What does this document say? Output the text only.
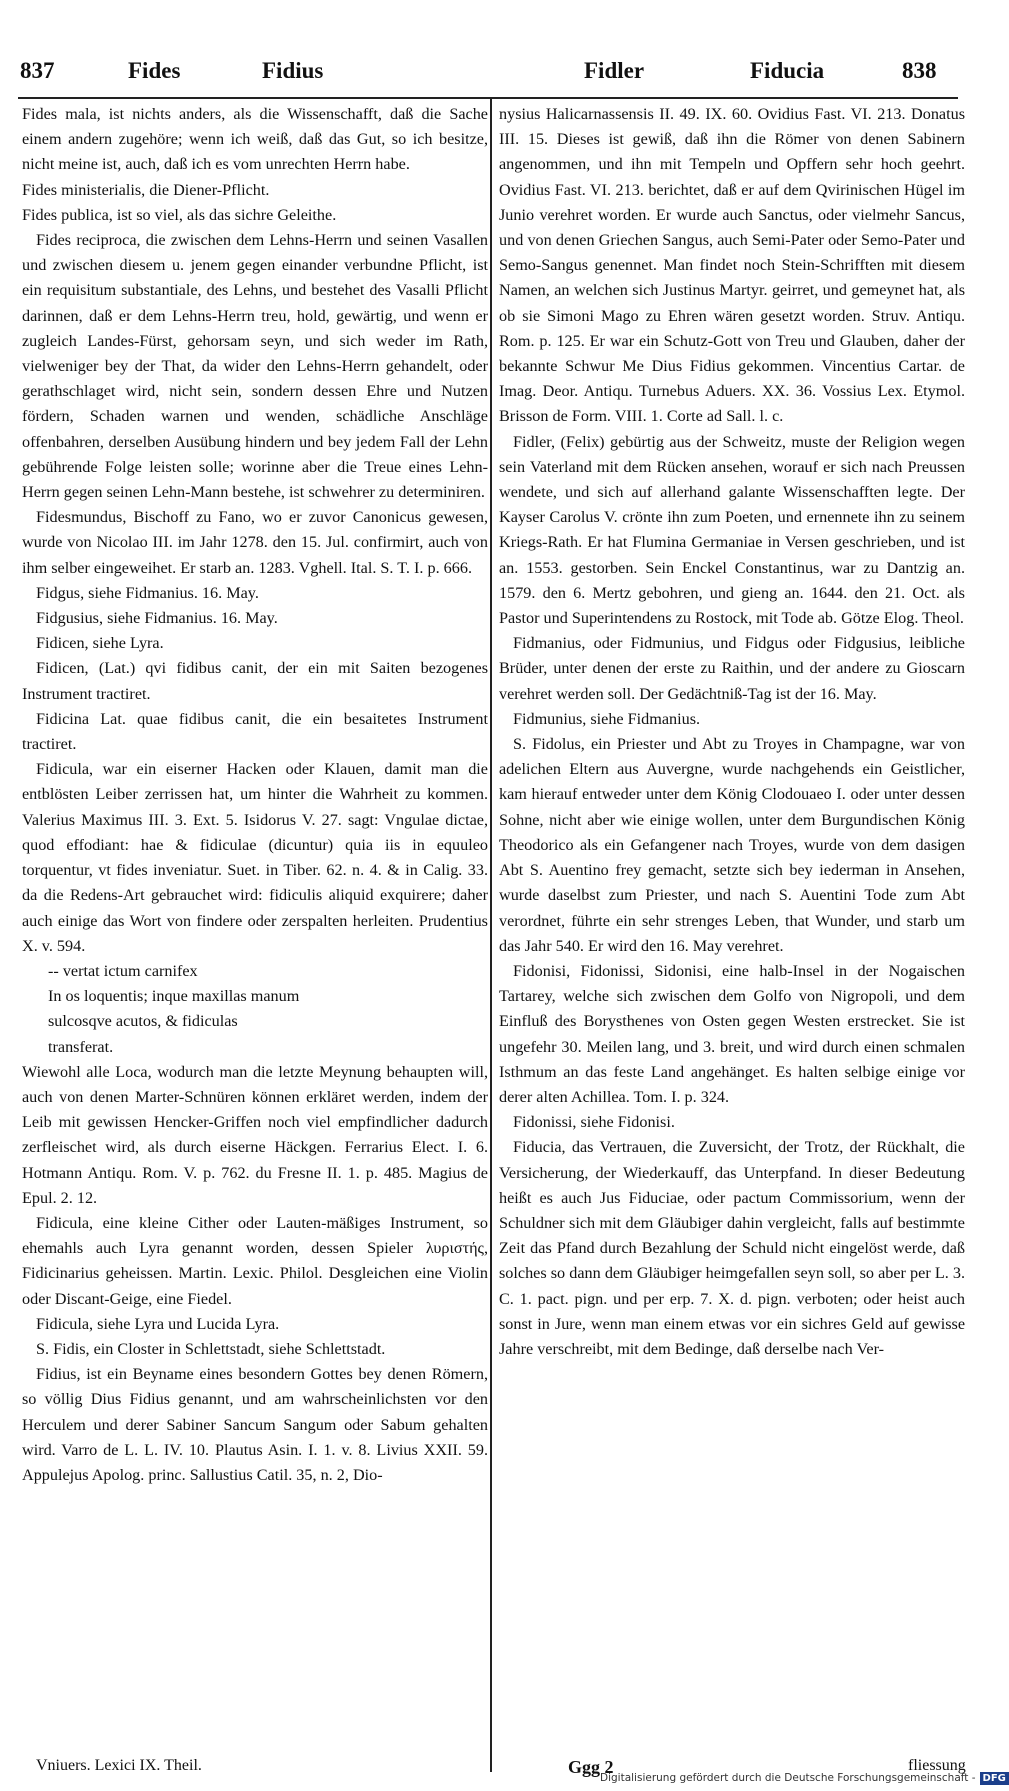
837	Fides	Fidius	Fidler	Fiducia	838

Fides mala, ist nichts anders, als die Wissenschafft, daß die Sache einem andern zugehöre; wenn ich weiß, daß das Gut, so ich besitze, nicht meine ist, auch, daß ich es vom unrechten Herrn habe.

Fides ministerialis, die Diener-Pflicht.

Fides publica, ist so viel, als das sichre Geleithe.

Fides reciproca, die zwischen dem Lehns-Herrn und seinen Vasallen und zwischen diesem u. jenem gegen einander verbundne Pflicht, ist ein requisitum substantiale, des Lehns, und bestehet des Vasalli Pflicht darinnen, daß er dem Lehns-Herrn treu, hold, gewärtig, und wenn er zugleich Landes-Fürst, gehorsam seyn, und sich weder im Rath, vielweniger bey der That, da wider den Lehns-Herrn gehandelt, oder gerathschlaget wird, nicht sein, sondern dessen Ehre und Nutzen fördern, Schaden warnen und wenden, schädliche Anschläge offenbahren, derselben Ausübung hindern und bey jedem Fall der Lehn gebührende Folge leisten solle; worinne aber die Treue eines Lehn-Herrn gegen seinen Lehn-Mann bestehe, ist schwehrer zu determiniren.

Fidesmundus, Bischoff zu Fano, wo er zuvor Canonicus gewesen, wurde von Nicolao III. im Jahr 1278. den 15. Jul. confirmirt, auch von ihm selber eingeweihet. Er starb an. 1283. Vghell. Ital. S. T. I. p. 666.

Fidgus, siehe Fidmanius. 16. May.

Fidgusius, siehe Fidmanius. 16. May.

Fidicen, siehe Lyra.

Fidicen, (Lat.) qvi fidibus canit, der ein mit Saiten bezogenes Instrument tractiret.

Fidicina Lat. quae fidibus canit, die ein besaitetes Instrument tractiret.

Fidicula, war ein eiserner Hacken oder Klauen, damit man die entblösten Leiber zerrissen hat, um hinter die Wahrheit zu kommen. Valerius Maximus III. 3. Ext. 5. Isidorus V. 27. sagt: Vngulae dictae, quod effodiant: hae & fidiculae (dicuntur) quia iis in equuleo torquentur, vt fides inveniatur. Suet. in Tiber. 62. n. 4. & in Calig. 33. da die Redens-Art gebrauchet wird: fidiculis aliquid exquirere; daher auch einige das Wort von findere oder zerspalten herleiten. Prudentius X. v. 594.

-- vertat ictum carnifex

In os loquentis; inque maxillas manum

sulcosqve acutos, & fidiculas

transferat.

Wiewohl alle Loca, wodurch man die letzte Meynung behaupten will, auch von denen Marter-Schnüren können erkläret werden, indem der Leib mit gewissen Hencker-Griffen noch viel empfindlicher dadurch zerfleischet wird, als durch eiserne Häckgen. Ferrarius Elect. I. 6. Hotmann Antiqu. Rom. V. p. 762. du Fresne II. 1. p. 485. Magius de Epul. 2. 12.

Fidicula, eine kleine Cither oder Lauten-mäßiges Instrument, so ehemahls auch Lyra genannt worden, dessen Spieler λυριστής, Fidicinarius geheissen. Martin. Lexic. Philol. Desgleichen eine Violin oder Discant-Geige, eine Fiedel.

Fidicula, siehe Lyra und Lucida Lyra.

S. Fidis, ein Closter in Schlettstadt, siehe Schlettstadt.

Fidius, ist ein Beyname eines besondern Gottes bey denen Römern, so völlig Dius Fidius genannt, und am wahrscheinlichsten vor den Herculem und derer Sabiner Sancum Sangum oder Sabum gehalten wird. Varro de L. L. IV. 10. Plautus Asin. I. 1. v. 8. Livius XXII. 59. Appulejus Apolog. princ. Sallustius Catil. 35, n. 2, Dio-

nysius Halicarnassensis II. 49. IX. 60. Ovidius Fast. VI. 213. Donatus III. 15. Dieses ist gewiß, daß ihn die Römer von denen Sabinern angenommen, und ihn mit Tempeln und Opffern sehr hoch geehrt. Ovidius Fast. VI. 213. berichtet, daß er auf dem Qvirinischen Hügel im Junio verehret worden. Er wurde auch Sanctus, oder vielmehr Sancus, und von denen Griechen Sangus, auch Semi-Pater oder Semo-Pater und Semo-Sangus genennet. Man findet noch Stein-Schrifften mit diesem Namen, an welchen sich Justinus Martyr. geirret, und gemeynet hat, als ob sie Simoni Mago zu Ehren wären gesetzt worden. Struv. Antiqu. Rom. p. 125. Er war ein Schutz-Gott von Treu und Glauben, daher der bekannte Schwur Me Dius Fidius gekommen. Vincentius Cartar. de Imag. Deor. Antiqu. Turnebus Aduers. XX. 36. Vossius Lex. Etymol. Brisson de Form. VIII. 1. Corte ad Sall. l. c.

Fidler, (Felix) gebürtig aus der Schweitz, muste der Religion wegen sein Vaterland mit dem Rücken ansehen, worauf er sich nach Preussen wendete, und sich auf allerhand galante Wissenschafften legte. Der Kayser Carolus V. crönte ihn zum Poeten, und ernennete ihn zu seinem Kriegs-Rath. Er hat Flumina Germaniae in Versen geschrieben, und ist an. 1553. gestorben. Sein Enckel Constantinus, war zu Dantzig an. 1579. den 6. Mertz gebohren, und gieng an. 1644. den 21. Oct. als Pastor und Superintendens zu Rostock, mit Tode ab. Götze Elog. Theol.

Fidmanius, oder Fidmunius, und Fidgus oder Fidgusius, leibliche Brüder, unter denen der erste zu Raithin, und der andere zu Gioscarn verehret werden soll. Der Gedächtniß-Tag ist der 16. May.

Fidmunius, siehe Fidmanius.

S. Fidolus, ein Priester und Abt zu Troyes in Champagne, war von adelichen Eltern aus Auvergne, wurde nachgehends ein Geistlicher, kam hierauf entweder unter dem König Clodouaeo I. oder unter dessen Sohne, nicht aber wie einige wollen, unter dem Burgundischen König Theodorico als ein Gefangener nach Troyes, wurde von dem dasigen Abt S. Auentino frey gemacht, setzte sich bey iederman in Ansehen, wurde daselbst zum Priester, und nach S. Auentini Tode zum Abt verordnet, führte ein sehr strenges Leben, that Wunder, und starb um das Jahr 540. Er wird den 16. May verehret.

Fidonisi, Fidonissi, Sidonisi, eine halb-Insel in der Nogaischen Tartarey, welche sich zwischen dem Golfo von Nigropoli, und dem Einfluß des Borysthenes von Osten gegen Westen erstrecket. Sie ist ungefehr 30. Meilen lang, und 3. breit, und wird durch einen schmalen Isthmum an das feste Land angehänget. Es halten selbige einige vor derer alten Achillea. Tom. I. p. 324.

Fidonissi, siehe Fidonisi.

Fiducia, das Vertrauen, die Zuversicht, der Trotz, der Rückhalt, die Versicherung, der Wiederkauff, das Unterpfand. In dieser Bedeutung heißt es auch Jus Fiduciae, oder pactum Commissorium, wenn der Schuldner sich mit dem Gläubiger dahin vergleicht, falls auf bestimmte Zeit das Pfand durch Bezahlung der Schuld nicht eingelöst werde, daß solches so dann dem Gläubiger heimgefallen seyn soll, so aber per L. 3. C. 1. pact. pign. und per erp. 7. X. d. pign. verboten; oder heist auch sonst in Jure, wenn man einem etwas vor ein sichres Geld auf gewisse Jahre verschreibt, mit dem Bedinge, daß derselbe nach Ver-

Vniuers. Lexici IX. Theil.	Ggg 2	fliessung
Digitalisierung gefördert durch die Deutsche Forschungsgemeinschaft - DFG
